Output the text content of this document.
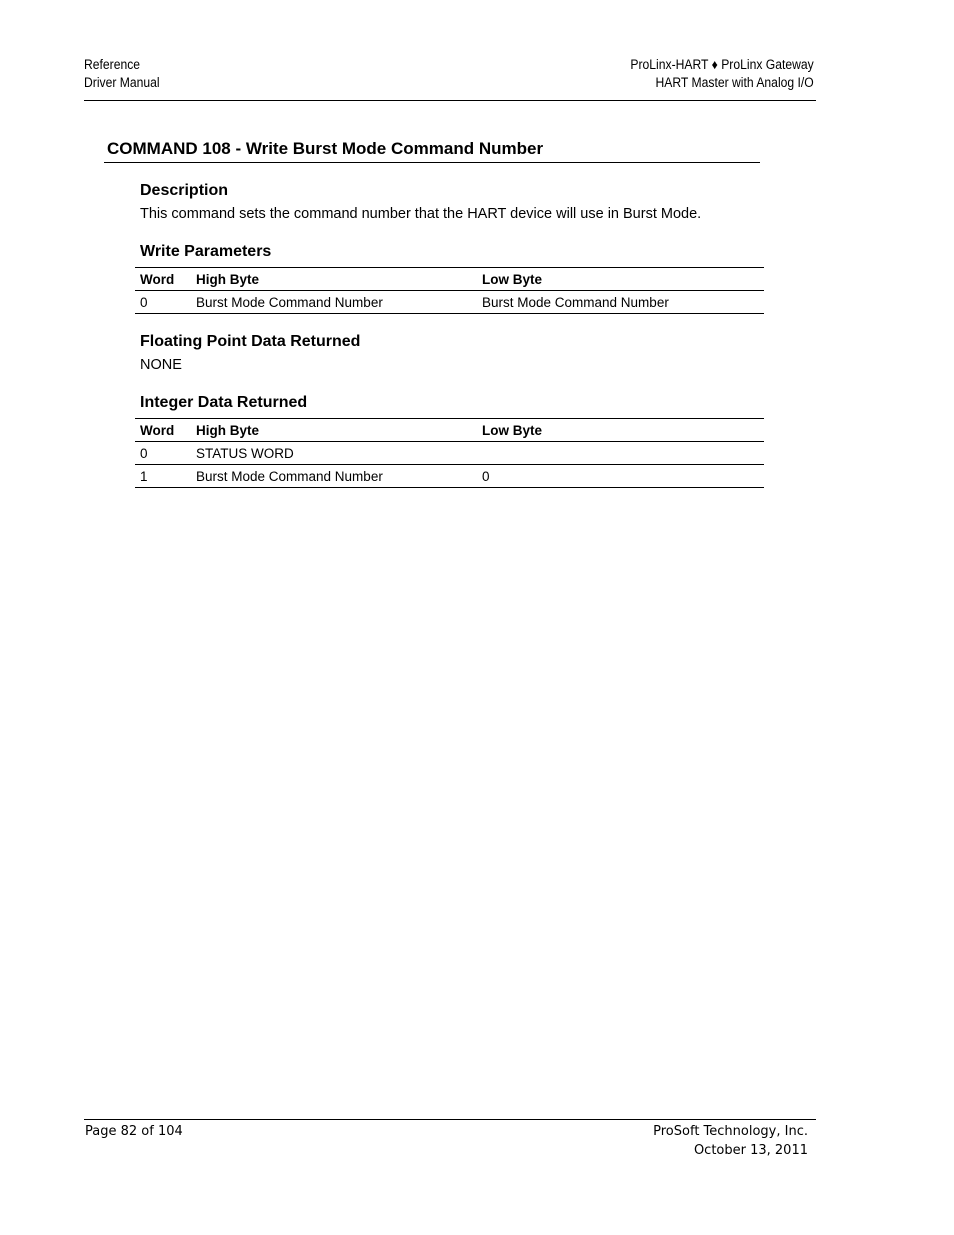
Reference
Driver Manual
ProLinx-HART ♦ ProLinx Gateway
HART Master with Analog I/O
COMMAND 108 - Write Burst Mode Command Number
Description
This command sets the command number that the HART device will use in Burst Mode.
Write Parameters
Word	High Byte	Low Byte
0	Burst Mode Command Number	Burst Mode Command Number
Floating Point Data Returned
NONE
Integer Data Returned
Word	High Byte	Low Byte
0	STATUS WORD	
1	Burst Mode Command Number	0
Page 82 of 104	ProSoft Technology, Inc.
October 13, 2011
